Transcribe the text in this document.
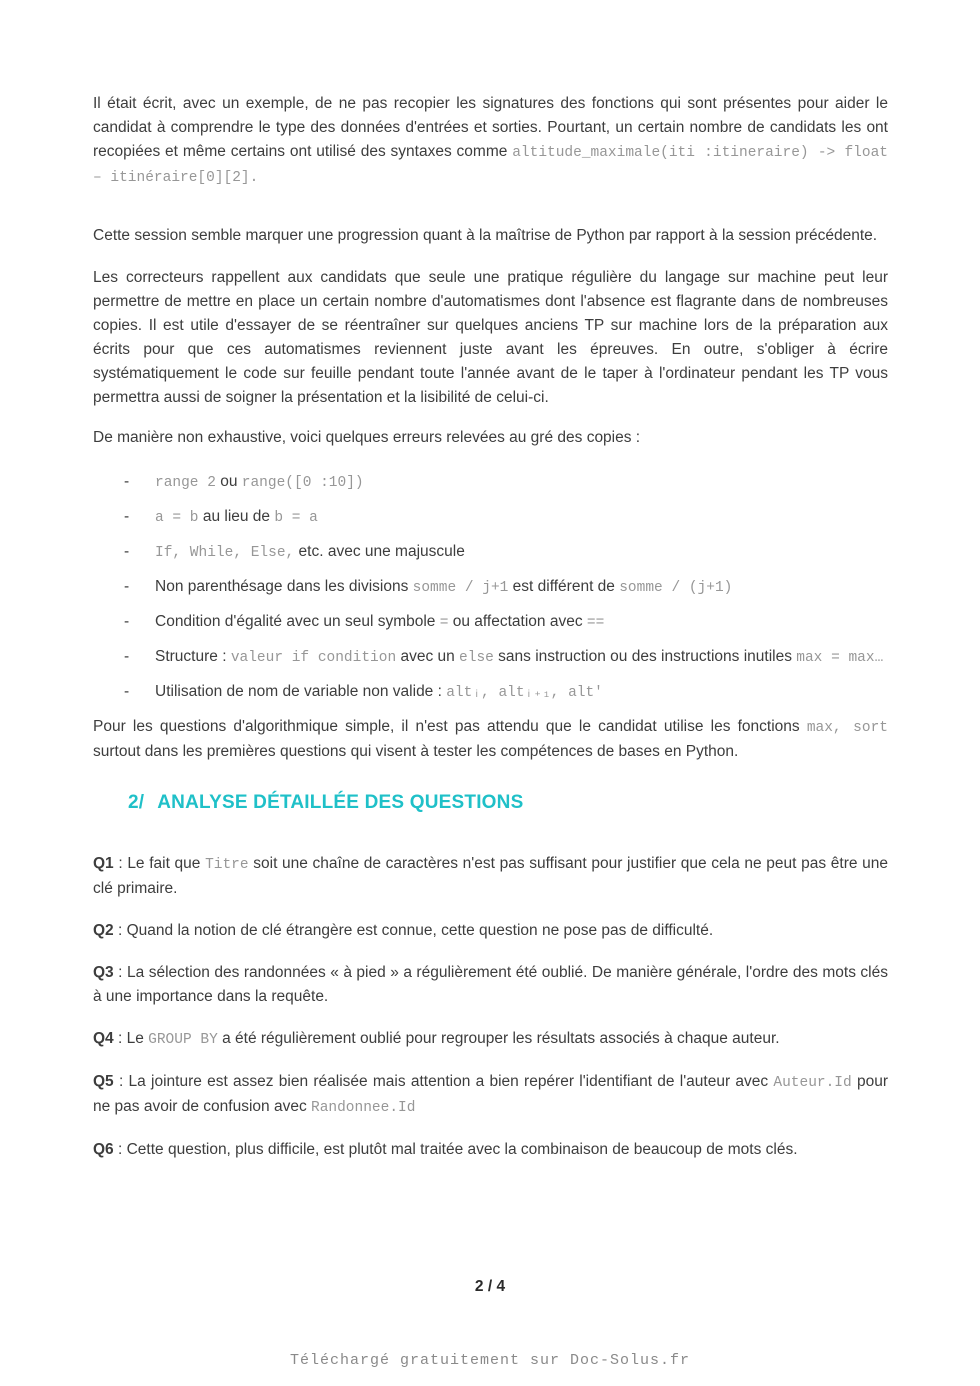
Il était écrit, avec un exemple, de ne pas recopier les signatures des fonctions qui sont présentes pour aider le candidat à comprendre le type des données d'entrées et sorties. Pourtant, un certain nombre de candidats les ont recopiées et même certains ont utilisé des syntaxes comme altitude_maximale(iti :itineraire) -> float – itinéraire[0][2].

Cette session semble marquer une progression quant à la maîtrise de Python par rapport à la session précédente.

Les correcteurs rappellent aux candidats que seule une pratique régulière du langage sur machine peut leur permettre de mettre en place un certain nombre d'automatismes dont l'absence est flagrante dans de nombreuses copies. Il est utile d'essayer de se réentraîner sur quelques anciens TP sur machine lors de la préparation aux écrits pour que ces automatismes reviennent juste avant les épreuves. En outre, s'obliger à écrire systématiquement le code sur feuille pendant toute l'année avant de le taper à l'ordinateur pendant les TP vous permettra aussi de soigner la présentation et la lisibilité de celui-ci.

De manière non exhaustive, voici quelques erreurs relevées au gré des copies :

- range 2 ou range([0 :10])
- a = b au lieu de b = a
- If, While, Else, etc. avec une majuscule
- Non parenthésage dans les divisions somme / j+1 est différent de somme / (j+1)
- Condition d'égalité avec un seul symbole = ou affectation avec ==
- Structure : valeur if condition avec un else sans instruction ou des instructions inutiles max = max…
- Utilisation de nom de variable non valide : altᵢ, altᵢ₊₁, alt'

Pour les questions d'algorithmique simple, il n'est pas attendu que le candidat utilise les fonctions max, sort surtout dans les premières questions qui visent à tester les compétences de bases en Python.

2/ ANALYSE DÉTAILLÉE DES QUESTIONS

Q1 : Le fait que Titre soit une chaîne de caractères n'est pas suffisant pour justifier que cela ne peut pas être une clé primaire.

Q2 : Quand la notion de clé étrangère est connue, cette question ne pose pas de difficulté.

Q3 : La sélection des randonnées « à pied » a régulièrement été oublié. De manière générale, l'ordre des mots clés à une importance dans la requête.

Q4 : Le GROUP BY a été régulièrement oublié pour regrouper les résultats associés à chaque auteur.

Q5 : La jointure est assez bien réalisée mais attention a bien repérer l'identifiant de l'auteur avec Auteur.Id pour ne pas avoir de confusion avec Randonnee.Id

Q6 : Cette question, plus difficile, est plutôt mal traitée avec la combinaison de beaucoup de mots clés.

2 / 4
Téléchargé gratuitement sur Doc-Solus.fr
